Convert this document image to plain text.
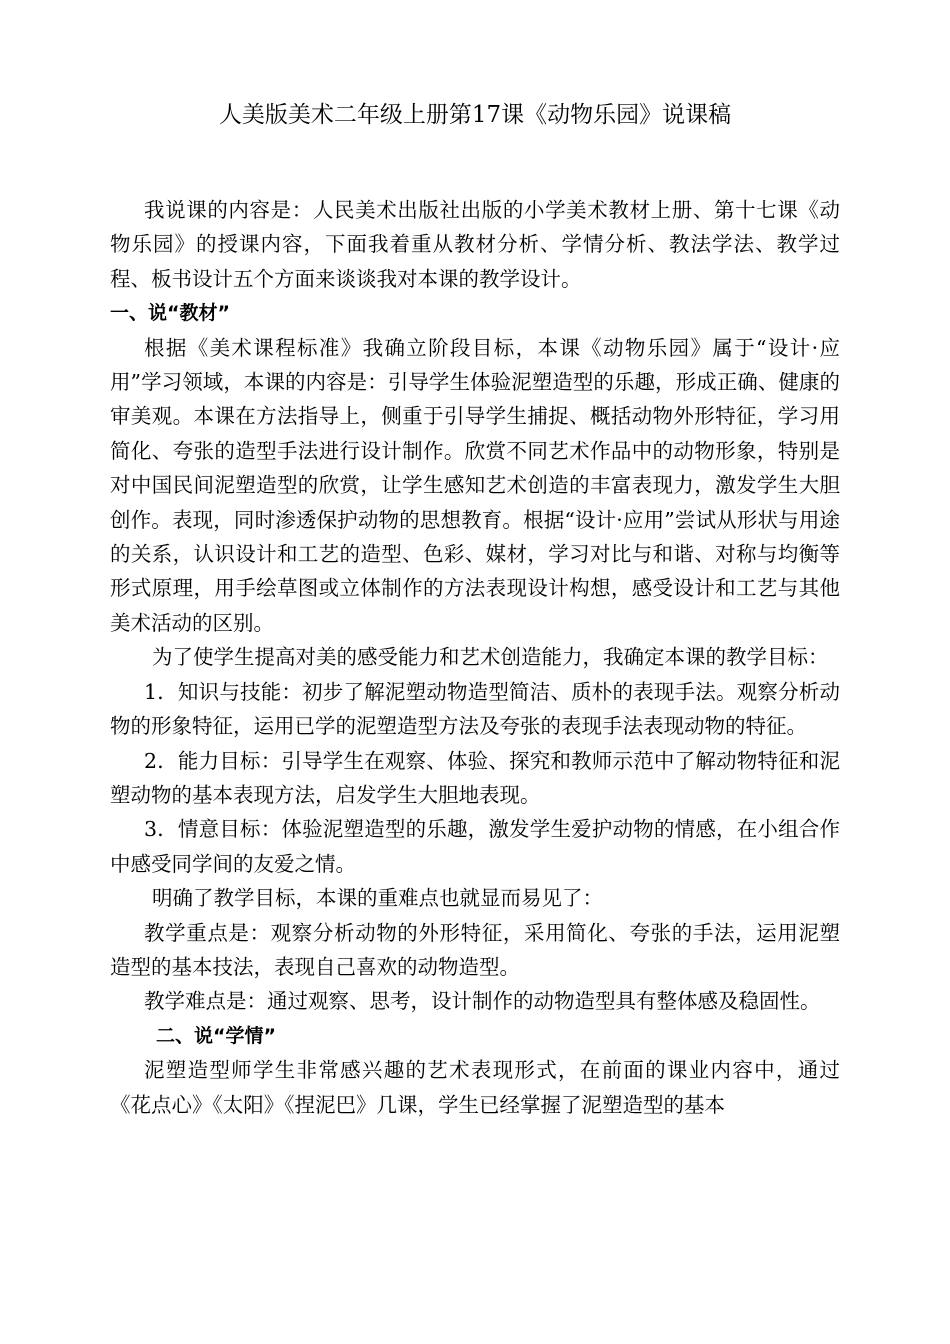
人美版美术二年级上册第17课《动物乐园》说课稿

我说课的内容是：人民美术出版社出版的小学美术教材上册、第十七课《动物乐园》的授课内容，下面我着重从教材分析、学情分析、教法学法、教学过程、板书设计五个方面来谈谈我对本课的教学设计。

一、说“教材”

根据《美术课程标准》我确立阶段目标，本课《动物乐园》属于“设计·应用”学习领域，本课的内容是：引导学生体验泥塑造型的乐趣，形成正确、健康的审美观。本课在方法指导上，侧重于引导学生捕捉、概括动物外形特征，学习用简化、夸张的造型手法进行设计制作。欣赏不同艺术作品中的动物形象，特别是对中国民间泥塑造型的欣赏，让学生感知艺术创造的丰富表现力，激发学生大胆创作。表现，同时渗透保护动物的思想教育。根据“设计·应用”尝试从形状与用途的关系，认识设计和工艺的造型、色彩、媒材，学习对比与和谐、对称与均衡等形式原理，用手绘草图或立体制作的方法表现设计构想，感受设计和工艺与其他美术活动的区别。

为了使学生提高对美的感受能力和艺术创造能力，我确定本课的教学目标：

1．知识与技能：初步了解泥塑动物造型简洁、质朴的表现手法。观察分析动物的形象特征，运用已学的泥塑造型方法及夸张的表现手法表现动物的特征。

2．能力目标：引导学生在观察、体验、探究和教师示范中了解动物特征和泥塑动物的基本表现方法，启发学生大胆地表现。

3．情意目标：体验泥塑造型的乐趣，激发学生爱护动物的情感，在小组合作中感受同学间的友爱之情。

明确了教学目标，本课的重难点也就显而易见了：

教学重点是：观察分析动物的外形特征，采用简化、夸张的手法，运用泥塑造型的基本技法，表现自己喜欢的动物造型。

教学难点是：通过观察、思考，设计制作的动物造型具有整体感及稳固性。

二、说“学情”

泥塑造型师学生非常感兴趣的艺术表现形式，在前面的课业内容中，通过《花点心》《太阳》《捏泥巴》几课，学生已经掌握了泥塑造型的基本
